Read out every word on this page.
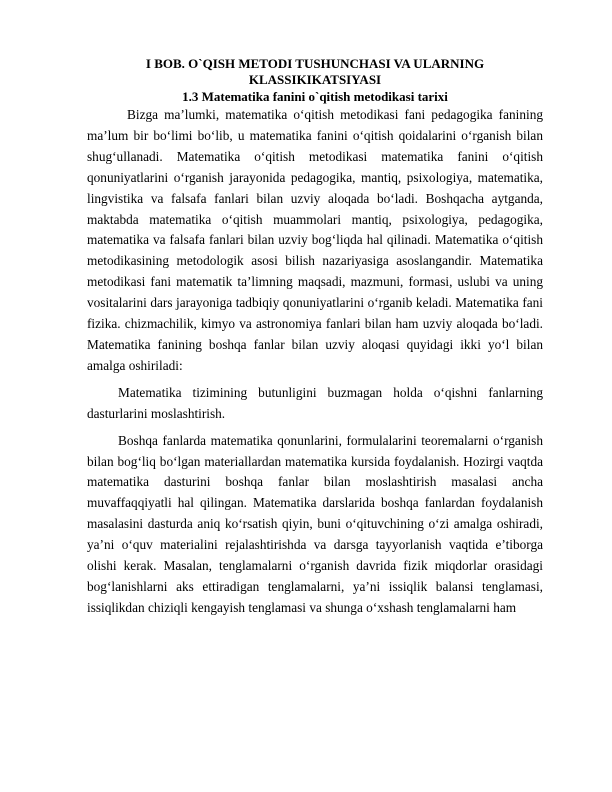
I BOB. O`QISH METODI TUSHUNCHASI VA ULARNING

KLASSIKIKATSIYASI

1.3 Matematika fanini o`qitish metodikasi tarixi

Bizga ma’lumki, matematika o‘qitish metodikasi fani pedagogika fanining ma’lum bir bo‘limi bo‘lib, u matematika fanini o‘qitish qoidalarini o‘rganish bilan shug‘ullanadi. Matematika o‘qitish metodikasi matematika fanini o‘qitish qonuniyatlarini o‘rganish jarayonida pedagogika, mantiq, psixologiya, matematika, lingvistika va falsafa fanlari bilan uzviy aloqada bo‘ladi. Boshqacha aytganda, maktabda matematika o‘qitish muammolari mantiq, psixologiya, pedagogika, matematika va falsafa fanlari bilan uzviy bog‘liqda hal qilinadi. Matematika o‘qitish metodikasining metodologik asosi bilish nazariyasiga asoslangandir. Matematika metodikasi fani matematik ta’limning maqsadi, mazmuni, formasi, uslubi va uning vositalarini dars jarayoniga tadbiqiy qonuniyatlarini o‘rganib keladi. Matematika fani fizika. chizmachilik, kimyo va astronomiya fanlari bilan ham uzviy aloqada bo‘ladi. Matematika fanining boshqa fanlar bilan uzviy aloqasi quyidagi ikki yo‘l bilan amalga oshiriladi:

Matematika tizimining butunligini buzmagan holda o‘qishni fanlarning dasturlarini moslashtirish.

Boshqa fanlarda matematika qonunlarini, formulalarini teoremalarni o‘rganish bilan bog‘liq bo‘lgan materiallardan matematika kursida foydalanish. Hozirgi vaqtda matematika dasturini boshqa fanlar bilan moslashtirish masalasi ancha muvaffaqqiyatli hal qilingan. Matematika darslarida boshqa fanlardan foydalanish masalasini dasturda aniq ko‘rsatish qiyin, buni o‘qituvchining o‘zi amalga oshiradi, ya’ni o‘quv materialini rejalashtirishda va darsga tayyorlanish vaqtida e’tiborga olishi kerak. Masalan, tenglamalarni o‘rganish davrida fizik miqdorlar orasidagi bog‘lanishlarni aks ettiradigan tenglamalarni, ya’ni issiqlik balansi tenglamasi, issiqlikdan chiziqli kengayish tenglamasi va shunga o‘xshash tenglamalarni ham
